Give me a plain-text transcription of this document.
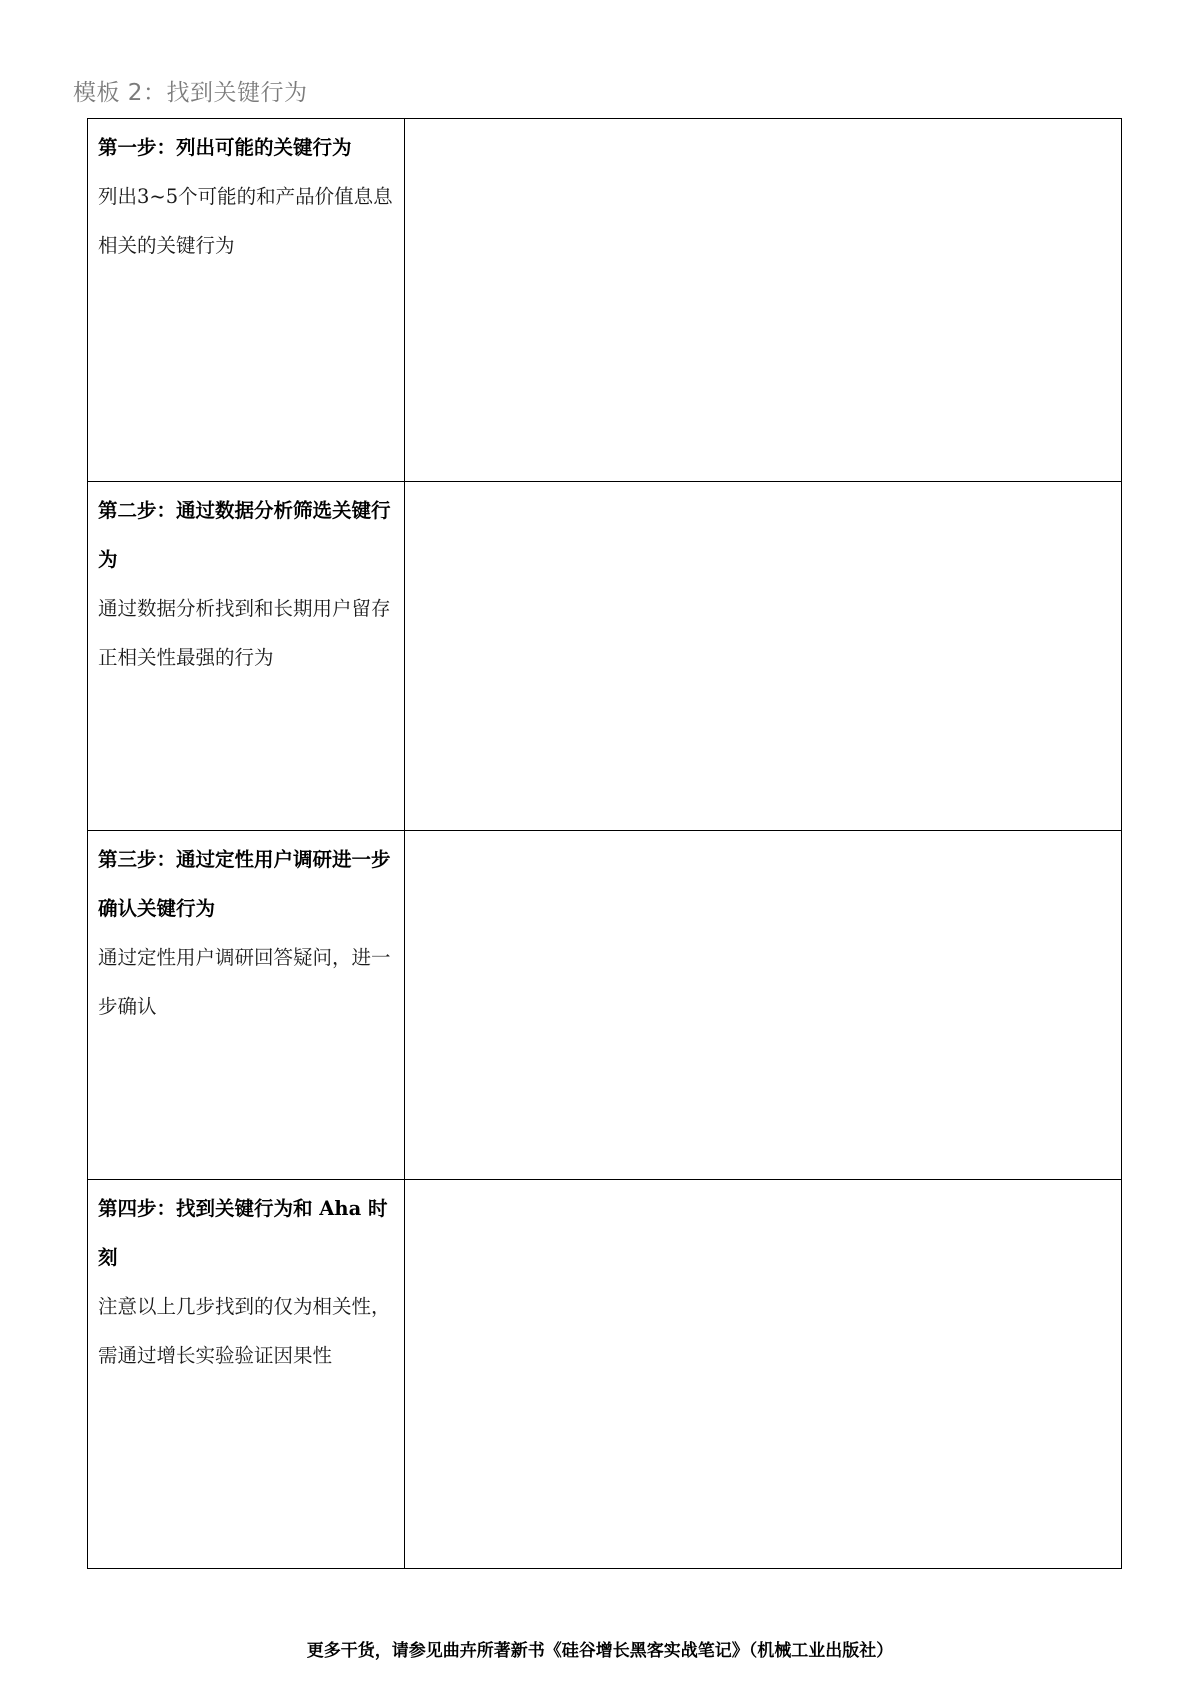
模板 2：找到关键行为

第一步：列出可能的关键行为

列出3~5个可能的和产品价值息息相关的关键行为	

第二步：通过数据分析筛选关键行为

通过数据分析找到和长期用户留存正相关性最强的行为	

第三步：通过定性用户调研进一步确认关键行为

通过定性用户调研回答疑问，进一步确认	

第四步：找到关键行为和 Aha 时刻

注意以上几步找到的仅为相关性，需通过增长实验验证因果性	

更多干货，请参见曲卉所著新书《硅谷增长黑客实战笔记》（机械工业出版社）
